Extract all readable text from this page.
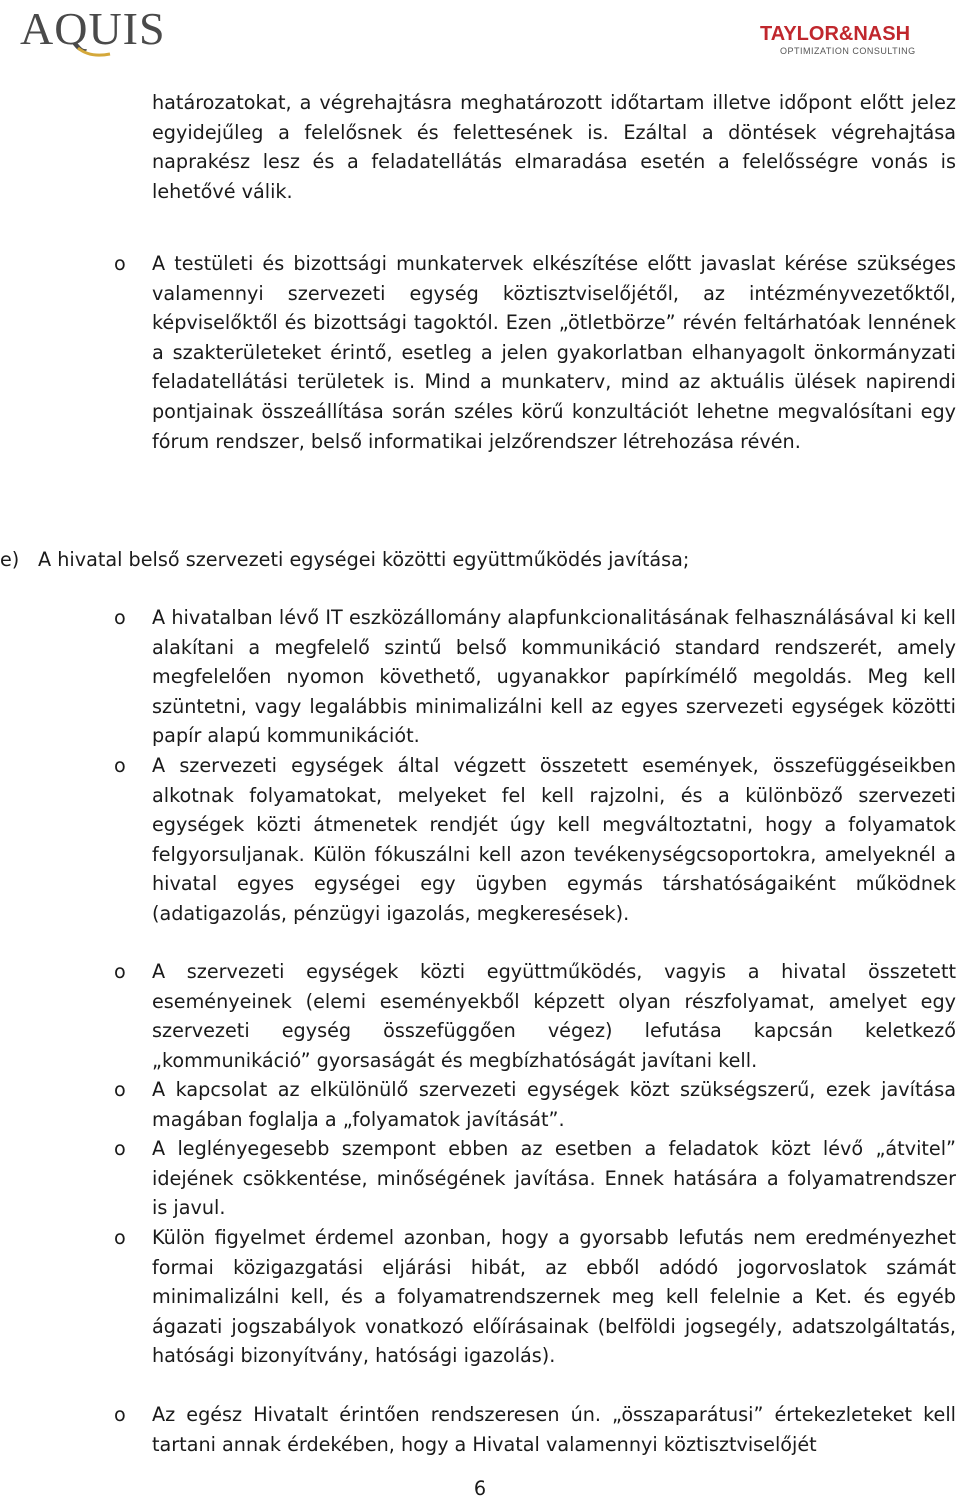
AQUIS	TAYLOR&NASH
OPTIMIZATION CONSULTING

határozatokat, a végrehajtásra meghatározott időtartam illetve időpont előtt jelez egyidejűleg a felelősnek és felettesének is. Ezáltal a döntések végrehajtása naprakész lesz és a feladatellátás elmaradása esetén a felelősségre vonás is lehetővé válik.

o A testületi és bizottsági munkatervek elkészítése előtt javaslat kérése szükséges valamennyi szervezeti egység köztisztviselőjétől, az intézményvezetőktől, képviselőktől és bizottsági tagoktól. Ezen „ötletbörze” révén feltárhatóak lennének a szakterületeket érintő, esetleg a jelen gyakorlatban elhanyagolt önkormányzati feladatellátási területek is. Mind a munkaterv, mind az aktuális ülések napirendi pontjainak összeállítása során széles körű konzultációt lehetne megvalósítani egy fórum rendszer, belső informatikai jelzőrendszer létrehozása révén.

e) A hivatal belső szervezeti egységei közötti együttműködés javítása;
o A hivatalban lévő IT eszközállomány alapfunkcionalitásának felhasználásával ki kell alakítani a megfelelő szintű belső kommunikáció standard rendszerét, amely megfelelően nyomon követhető, ugyanakkor papírkímélő megoldás. Meg kell szüntetni, vagy legalábbis minimalizálni kell az egyes szervezeti egységek közötti papír alapú kommunikációt.

o A szervezeti egységek által végzett összetett események, összefüggéseikben alkotnak folyamatokat, melyeket fel kell rajzolni, és a különböző szervezeti egységek közti átmenetek rendjét úgy kell megváltoztatni, hogy a folyamatok felgyorsuljanak. Külön fókuszálni kell azon tevékenységcsoportokra, amelyeknél a hivatal egyes egységei egy ügyben egymás társhatóságaiként működnek (adatigazolás, pénzügyi igazolás, megkeresések).

o A szervezeti egységek közti együttműködés, vagyis a hivatal összetett eseményeinek (elemi eseményekből képzett olyan részfolyamat, amelyet egy szervezeti egység összefüggően végez) lefutása kapcsán keletkező „kommunikáció” gyorsaságát és megbízhatóságát javítani kell.

o A kapcsolat az elkülönülő szervezeti egységek közt szükségszerű, ezek javítása magában foglalja a „folyamatok javítását”.

o A leglényegesebb szempont ebben az esetben a feladatok közt lévő „átvitel” idejének csökkentése, minőségének javítása. Ennek hatására a folyamatrendszer is javul.

o Külön figyelmet érdemel azonban, hogy a gyorsabb lefutás nem eredményezhet formai közigazgatási eljárási hibát, az ebből adódó jogorvoslatok számát minimalizálni kell, és a folyamatrendszernek meg kell felelnie a Ket. és egyéb ágazati jogszabályok vonatkozó előírásainak (belföldi jogsegély, adatszolgáltatás, hatósági bizonyítvány, hatósági igazolás).

o Az egész Hivatalt érintően rendszeresen ún. „összaparátusi” értekezleteket kell tartani annak érdekében, hogy a Hivatal valamennyi köztisztviselőjét

6
